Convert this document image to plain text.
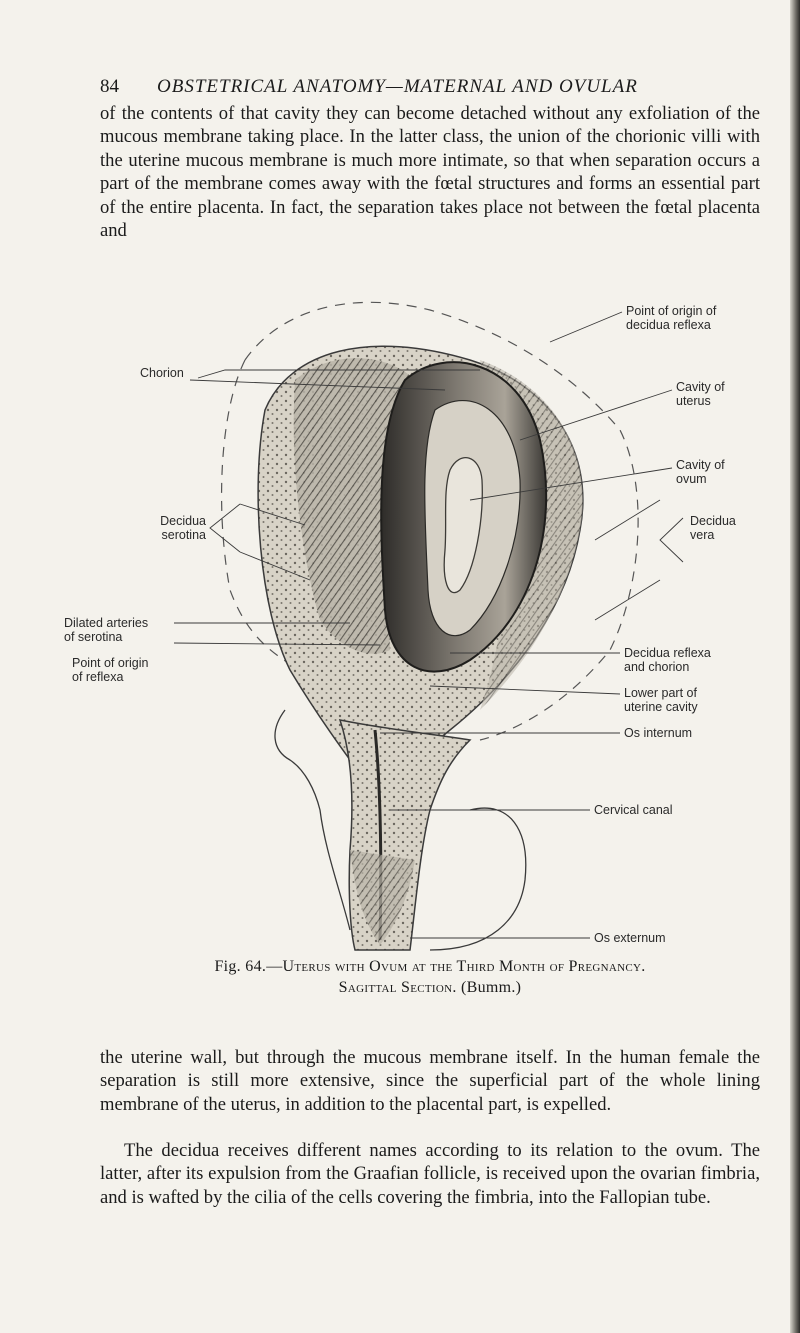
84 OBSTETRICAL ANATOMY—MATERNAL AND OVULAR

of the contents of that cavity they can become detached without any exfoliation of the mucous membrane taking place. In the latter class, the union of the chorionic villi with the uterine mucous membrane is much more intimate, so that when separation occurs a part of the membrane comes away with the fœtal structures and forms an essential part of the entire placenta. In fact, the separation takes place not between the fœtal placenta and

Point of origin of
decidua reflexa
Chorion
Cavity of
uterus
Cavity of
ovum
Decidua
serotina
Decidua
vera
Dilated arteries
of serotina
Point of origin
of reflexa
Decidua reflexa
and chorion
Lower part of
uterine cavity
Os internum
Cervical canal
Os externum
Fig. 64.—Uterus with Ovum at the Third Month of Pregnancy.
Sagittal Section. (Bumm.)

the uterine wall, but through the mucous membrane itself. In the human female the separation is still more extensive, since the superficial part of the whole lining membrane of the uterus, in addition to the placental part, is expelled.

The decidua receives different names according to its relation to the ovum. The latter, after its expulsion from the Graafian follicle, is received upon the ovarian fimbria, and is wafted by the cilia of the cells covering the fimbria, into the Fallopian tube.
